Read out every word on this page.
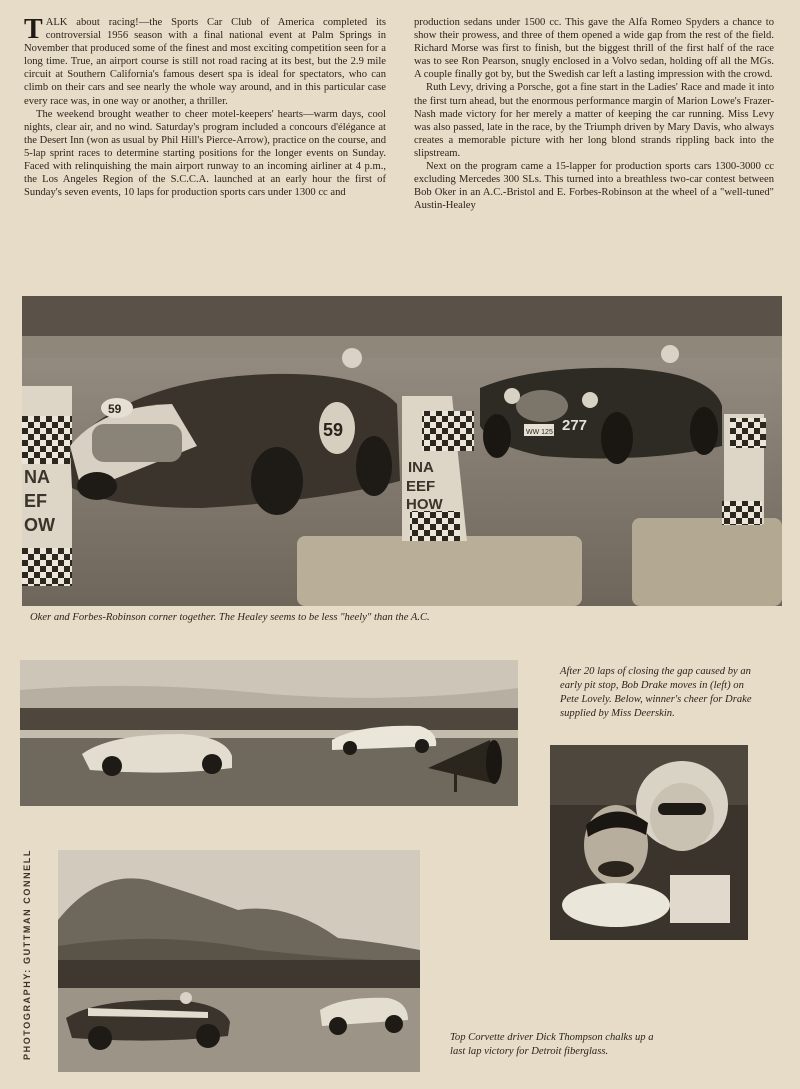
TALK about racing!—the Sports Car Club of America completed its controversial 1956 season with a final national event at Palm Springs in November that produced some of the finest and most exciting competition seen for a long time. True, an airport course is still not road racing at its best, but the 2.9 mile circuit at Southern California's famous desert spa is ideal for spectators, who can climb on their cars and see nearly the whole way around, and in this particular case every race was, in one way or another, a thriller.

The weekend brought weather to cheer motel-keepers' hearts—warm days, cool nights, clear air, and no wind. Saturday's program included a concours d'élégance at the Desert Inn (won as usual by Phil Hill's Pierce-Arrow), practice on the course, and 5-lap sprint races to determine starting positions for the longer events on Sunday. Faced with relinquishing the main airport runway to an incoming airliner at 4 p.m., the Los Angeles Region of the S.C.C.A. launched at an early hour the first of Sunday's seven events, 10 laps for production sports cars under 1300 cc and

production sedans under 1500 cc. This gave the Alfa Romeo Spyders a chance to show their prowess, and three of them opened a wide gap from the rest of the field. Richard Morse was first to finish, but the biggest thrill of the first half of the race was to see Ron Pearson, snugly enclosed in a Volvo sedan, holding off all the MGs. A couple finally got by, but the Swedish car left a lasting impression with the crowd.

Ruth Levy, driving a Porsche, got a fine start in the Ladies' Race and made it into the first turn ahead, but the enormous performance margin of Marion Lowe's Frazer-Nash made victory for her merely a matter of keeping the car running. Miss Levy was also passed, late in the race, by the Triumph driven by Mary Davis, who always creates a memorable picture with her long blond strands rippling back into the slipstream.

Next on the program came a 15-lapper for production sports cars 1300-3000 cc excluding Mercedes 300 SLs. This turned into a breathless two-car contest between Bob Oker in an A.C.-Bristol and E. Forbes-Robinson at the wheel of a "well-tuned" Austin-Healey

NA
EF
OW
INA
EEF
HOW
59
59	WW 125 277
Oker and Forbes-Robinson corner together. The Healey seems to be less "heely" than the A.C.
After 20 laps of closing the gap caused by an early pit stop, Bob Drake moves in (left) on Pete Lovely. Below, winner's cheer for Drake supplied by Miss Deerskin.
Top Corvette driver Dick Thompson chalks up a last lap victory for Detroit fiberglass.
PHOTOGRAPHY: GUTTMAN CONNELL
